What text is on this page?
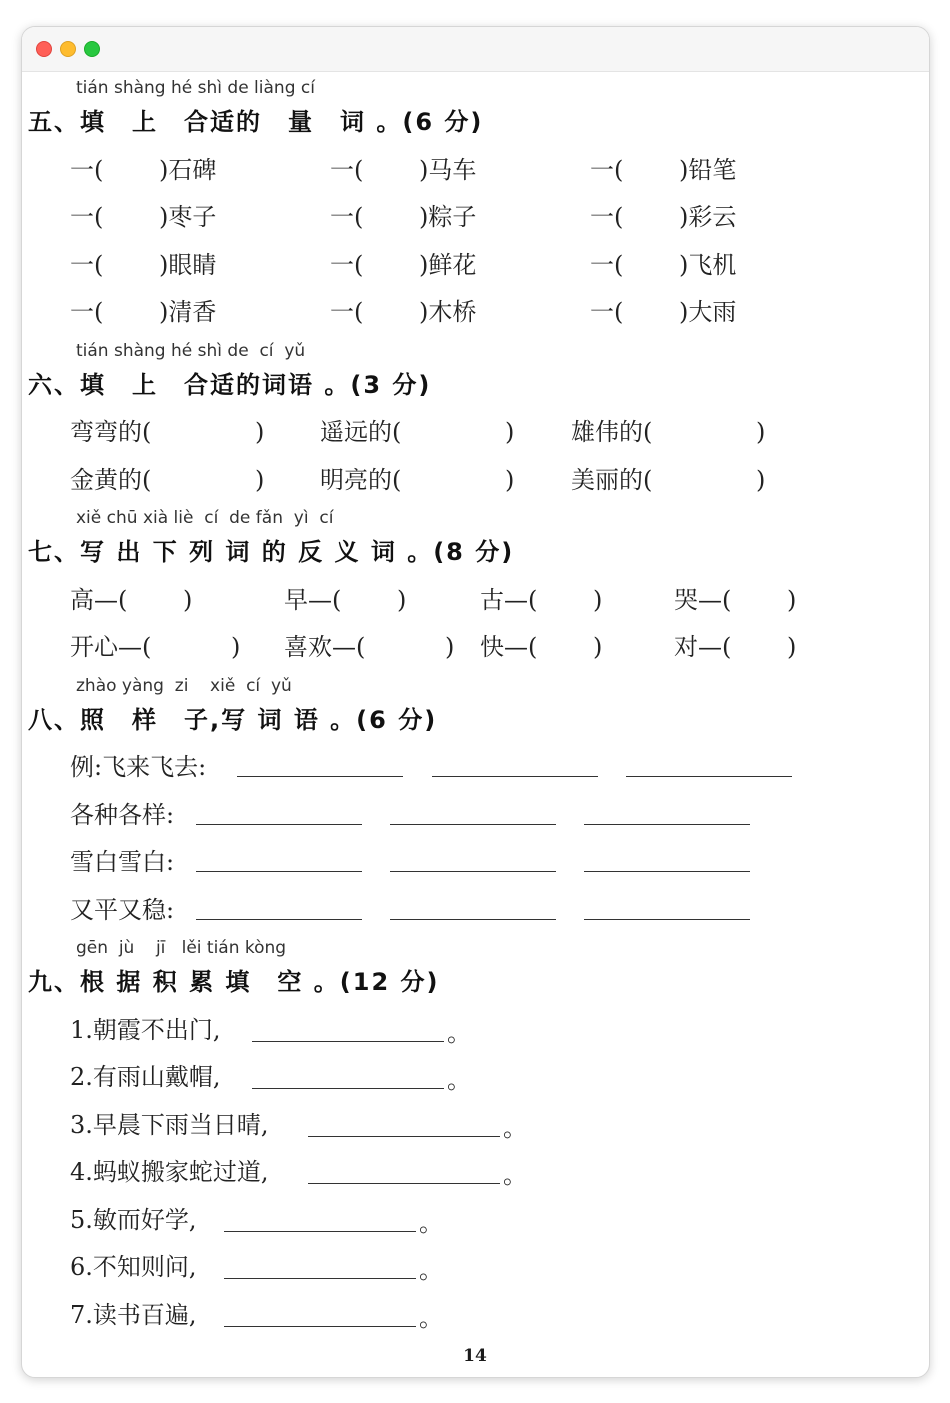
tián shàng hé shì de liàng cí
五、填　上　合适的　量　词 。(6 分)
一(　　 )石碑	一(　　 )马车	一(　　 )铅笔
一(　　 )枣子	一(　　 )粽子	一(　　 )彩云
一(　　 )眼睛	一(　　 )鲜花	一(　　 )飞机
一(　　 )清香	一(　　 )木桥	一(　　 )大雨
tián shàng hé shì de  cí  yǔ
六、填　上　合适的词语 。(3 分)
弯弯的(　　　　 ) 遥远的(　　　　 ) 雄伟的(　　　　 )
金黄的(　　　　 ) 明亮的(　　　　 ) 美丽的(　　　　 )
xiě chū xià liè  cí  de fǎn  yì  cí
七、写 出 下 列 词 的 反 义 词 。(8 分)
高—(　　 )	早—(　　 )	古—(　　 )	哭—(　　 )
开心—(　　　 ) 喜欢—(　　　 ) 快—(　　 )	对—(　　 )
zhào yàng  zi    xiě  cí  yǔ
八、照　样　子,写 词 语 。(6 分)
例:飞来飞去:
各种各样:
雪白雪白:
又平又稳:
gēn  jù    jī   lěi tián kòng
九、根 据 积 累 填　空 。(12 分)
1.朝霞不出门,	。
2.有雨山戴帽,	。
3.早晨下雨当日晴,	。
4.蚂蚁搬家蛇过道,	。
5.敏而好学,	。
6.不知则问,	。
7.读书百遍,	。
14
